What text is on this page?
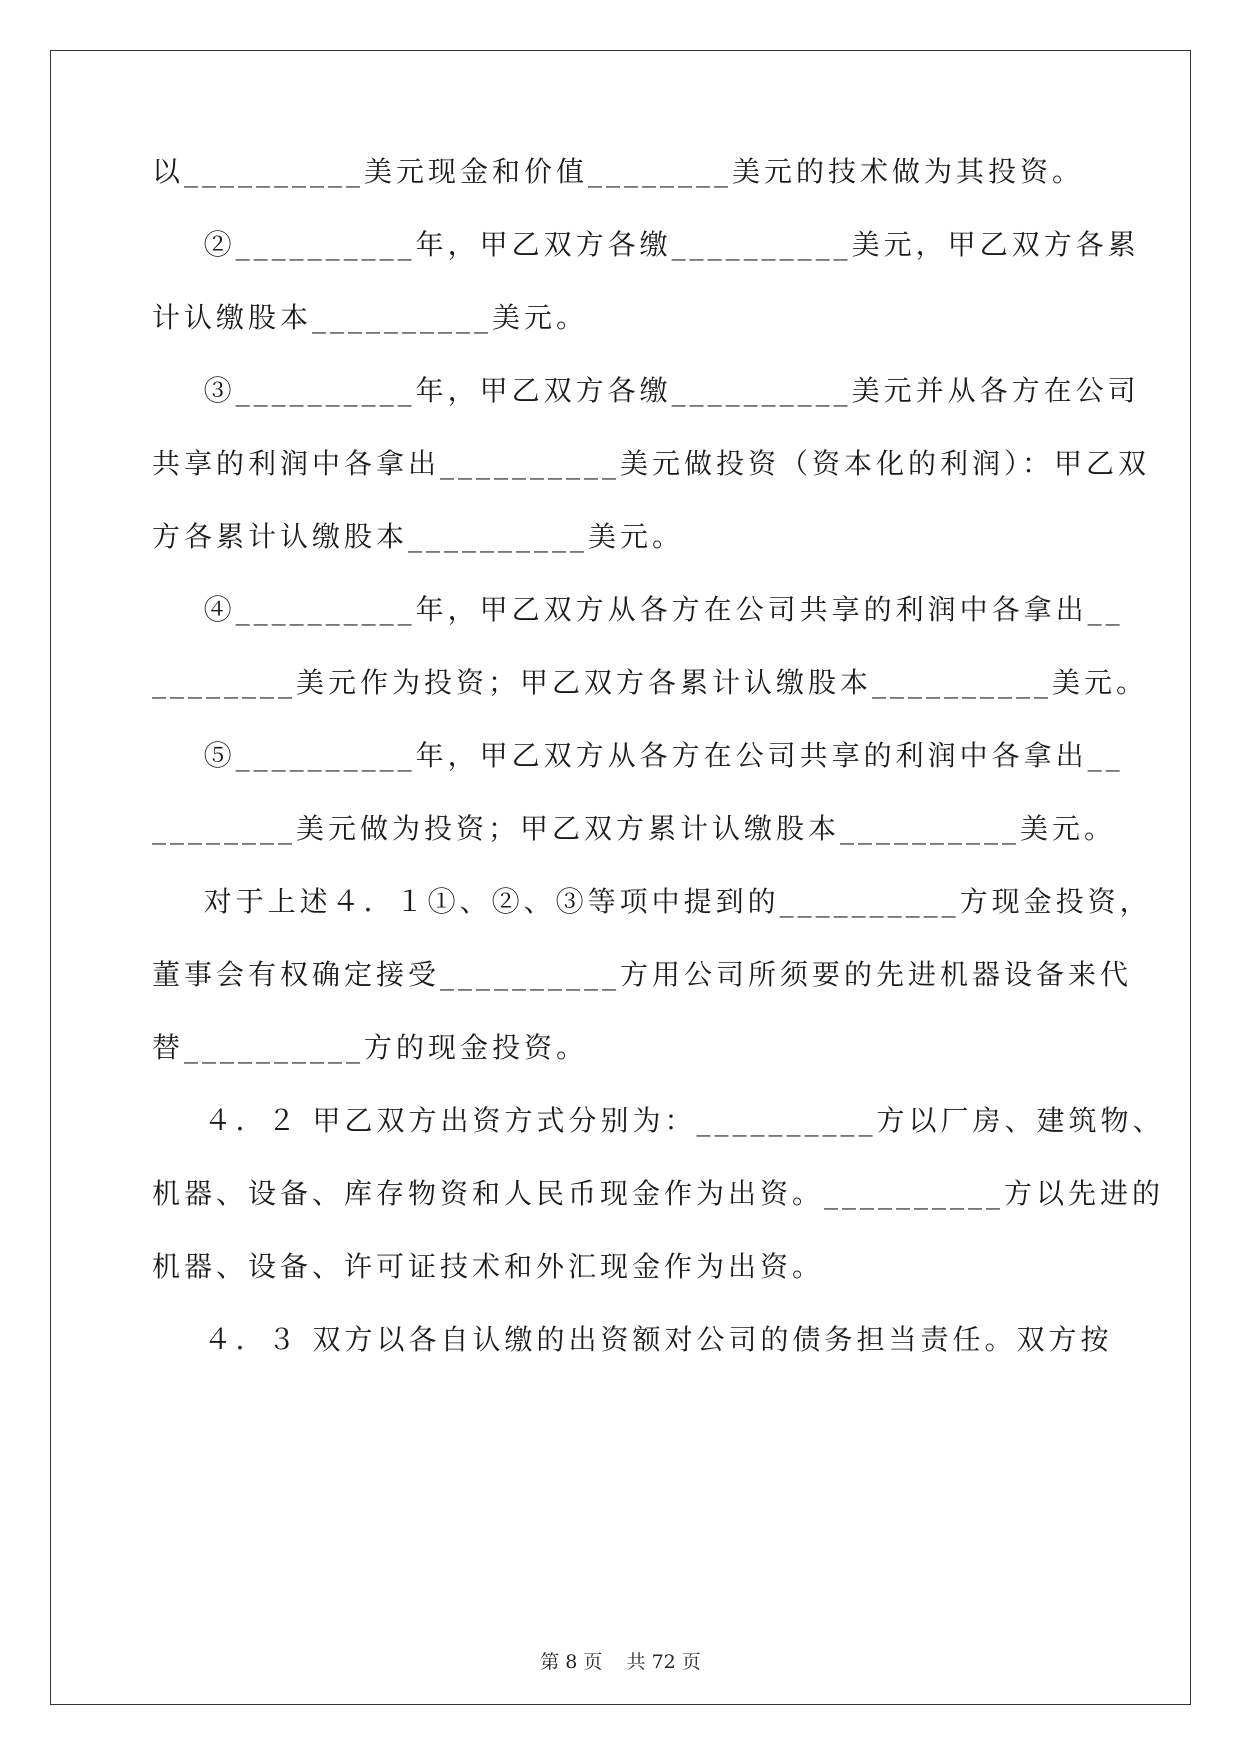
以__________美元现金和价值________美元的技术做为其投资。

②__________年，甲乙双方各缴__________美元，甲乙双方各累

计认缴股本__________美元。

③__________年，甲乙双方各缴__________美元并从各方在公司

共享的利润中各拿出__________美元做投资（资本化的利润）：甲乙双

方各累计认缴股本__________美元。

④__________年，甲乙双方从各方在公司共享的利润中各拿出__

________美元作为投资；甲乙双方各累计认缴股本__________美元。

⑤__________年，甲乙双方从各方在公司共享的利润中各拿出__

________美元做为投资；甲乙双方累计认缴股本__________美元。

对于上述４．１①、②、③等项中提到的__________方现金投资，

董事会有权确定接受__________方用公司所须要的先进机器设备来代

替__________方的现金投资。

４．２ 甲乙双方出资方式分别为：__________方以厂房、建筑物、

机器、设备、库存物资和人民币现金作为出资。__________方以先进的

机器、设备、许可证技术和外汇现金作为出资。

４．３ 双方以各自认缴的出资额对公司的债务担当责任。双方按

第 8 页    共 72 页
